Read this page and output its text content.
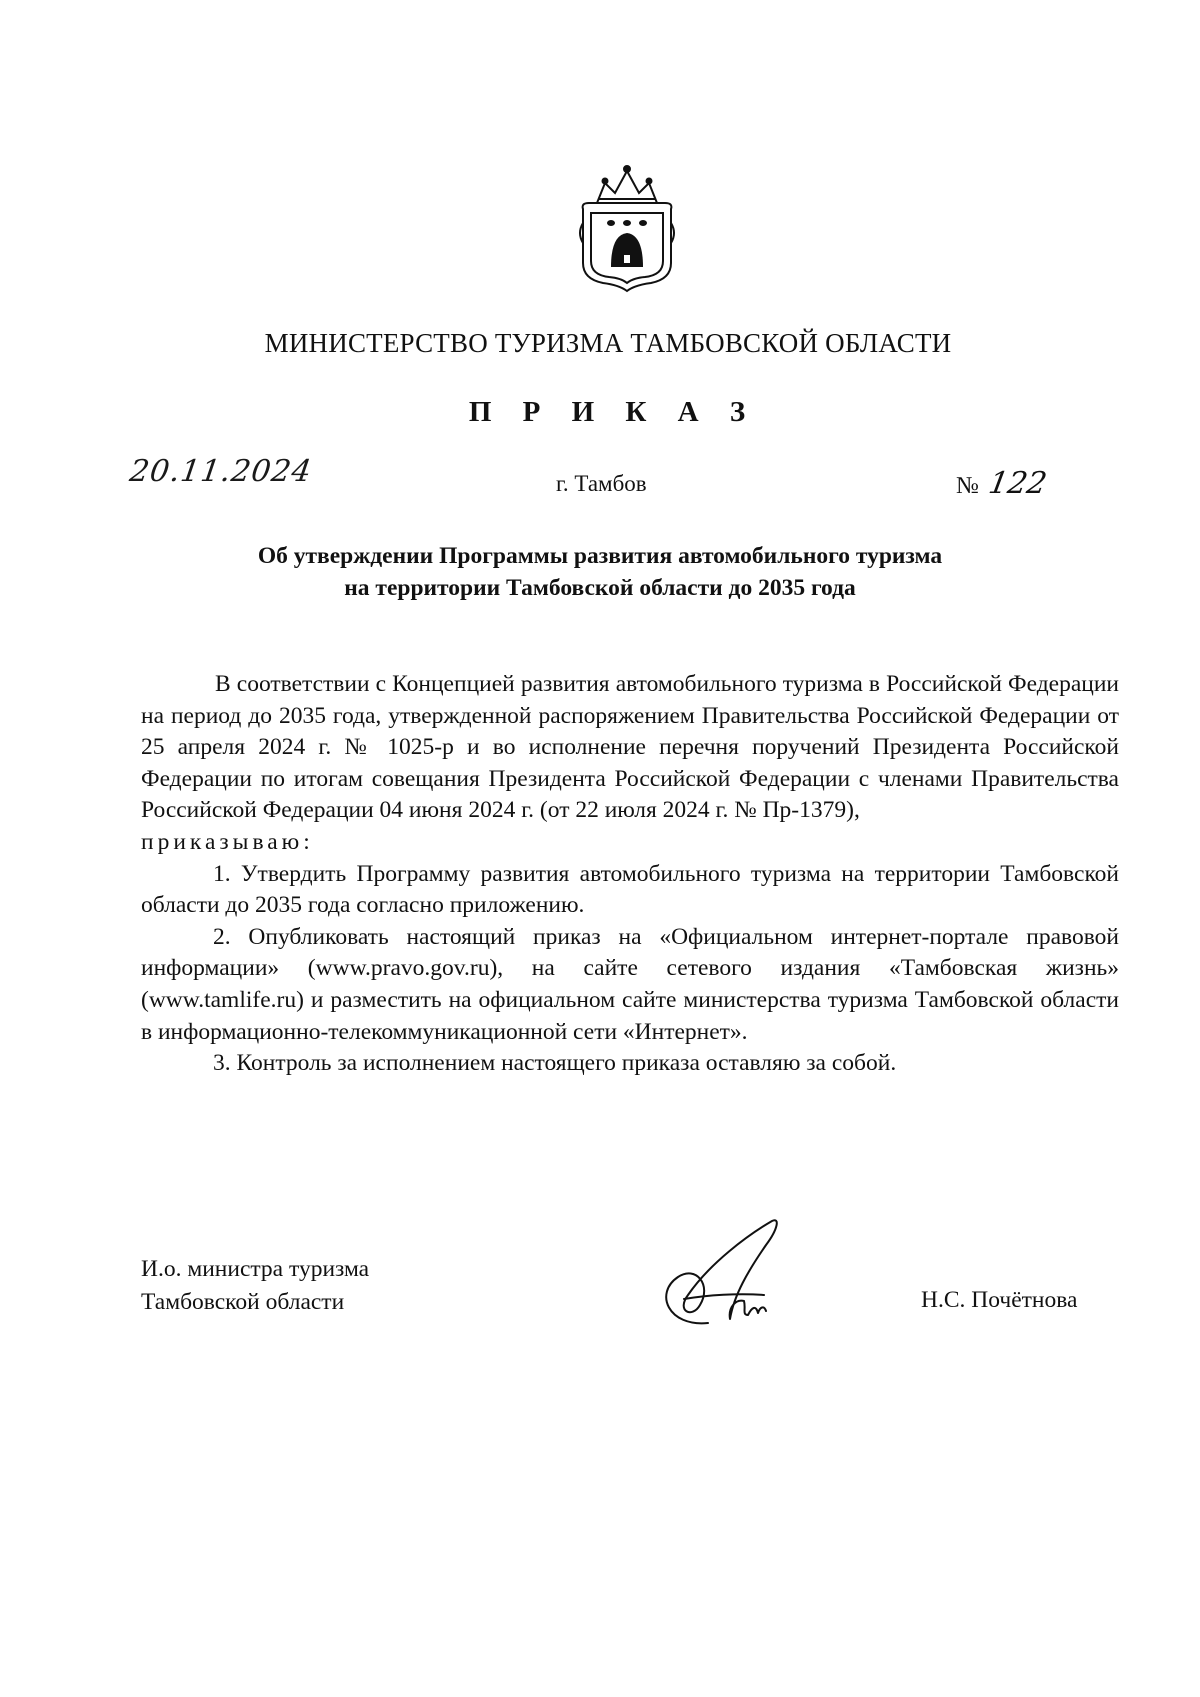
МИНИСТЕРСТВО ТУРИЗМА ТАМБОВСКОЙ ОБЛАСТИ
П Р И К А З
20.11.2024	г. Тамбов	№ 122
Об утверждении Программы развития автомобильного туризма
на территории Тамбовской области до 2035 года

В соответствии с Концепцией развития автомобильного туризма в Российской Федерации на период до 2035 года, утвержденной распоряжением Правительства Российской Федерации от 25 апреля 2024 г. № 1025-р и во исполнение перечня поручений Президента Российской Федерации по итогам совещания Президента Российской Федерации с членами Правительства Российской Федерации 04 июня 2024 г. (от 22 июля 2024 г. № Пр-1379),
приказываю:

1. Утвердить Программу развития автомобильного туризма на территории Тамбовской области до 2035 года согласно приложению.

2. Опубликовать настоящий приказ на «Официальном интернет-портале правовой информации» (www.pravo.gov.ru), на сайте сетевого издания «Тамбовская жизнь» (www.tamlife.ru) и разместить на официальном сайте министерства туризма Тамбовской области в информационно-телекоммуникационной сети «Интернет».

3. Контроль за исполнением настоящего приказа оставляю за собой.

И.о. министра туризма
Тамбовской области	Н.С. Почётнова
